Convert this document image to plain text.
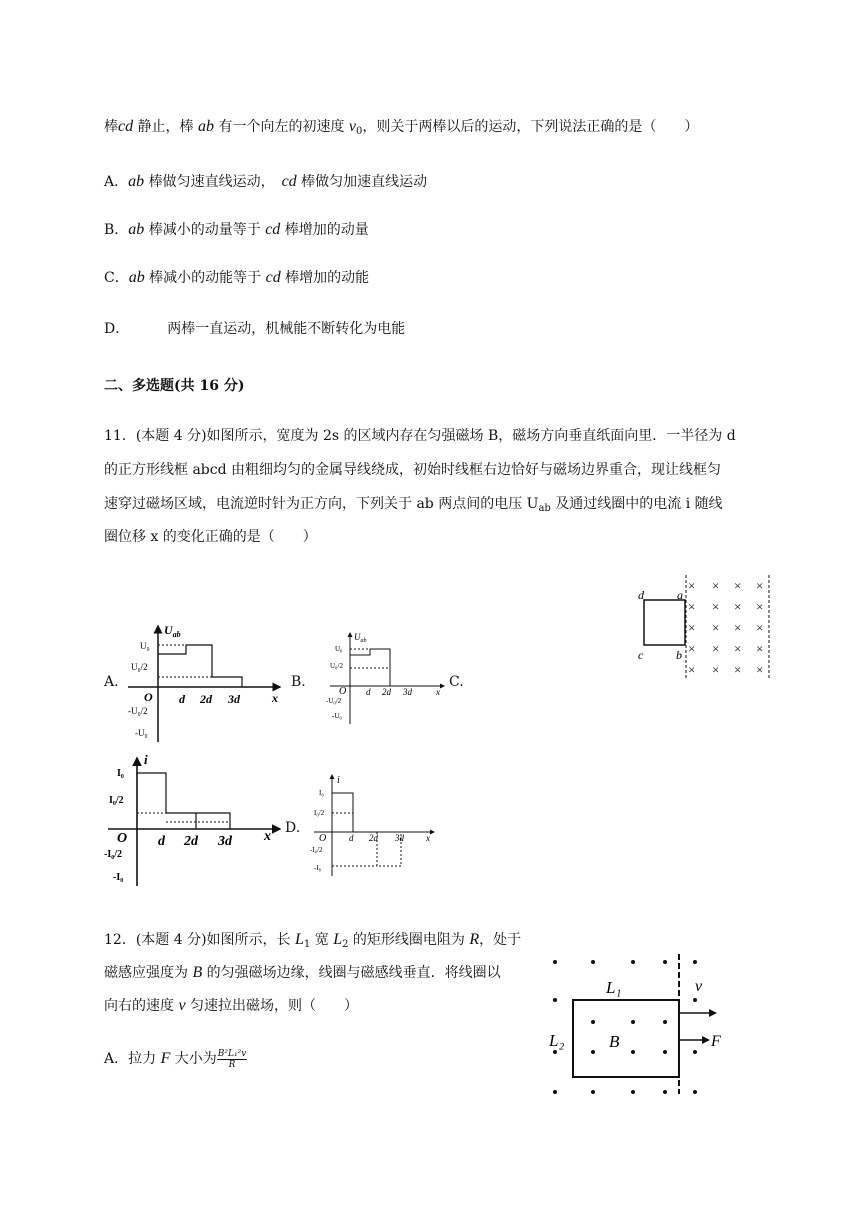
棒cd 静止，棒 ab 有一个向左的初速度 $v_0$，则关于两棒以后的运动，下列说法正确的是（　　）
A．ab 棒做匀速直线运动，　cd 棒做匀加速直线运动
B．ab 棒减小的动量等于 cd 棒增加的动量
C．ab 棒减小的动能等于 cd 棒增加的动能
D．	两棒一直运动，机械能不断转化为电能
二、多选题(共 16 分)
11．(本题 4 分)如图所示，宽度为 2s 的区域内存在匀强磁场 B，磁场方向垂直纸面向里．一半径为 d
的正方形线框 abcd 由粗细均匀的金属导线绕成，初始时线框右边恰好与磁场边界重合，现让线框匀
速穿过磁场区域，电流逆时针为正方向，下列关于 ab 两点间的电压 $U_{ab}$ 及通过线圈中的电流 i 随线
圈位移 x 的变化正确的是（　　）
d	a
c	b
× × × ×
× × × ×
× × × ×
× × × ×
× × × ×
A.	B.	C.
D.
$U_{ab}$
U₀
U₀/2
-U₀/2
-U₀
O d 2d 3d	x
$U_{ab}$
U₀
U₀/2
-U₀/2
-U₀
O d 2d 3d	x
i
I₀
I₀/2
-I₀/2
-I₀
O d 2d 3d x
i
I₀
I₀/2
-I₀/2
-I₀
O	d 2d 3d x
12．(本题 4 分)如图所示，长 $L_1$ 宽 $L_2$ 的矩形线圈电阻为 R，处于
磁感应强度为 B 的匀强磁场边缘，线圈与磁感线垂直．将线圈以
向右的速度 v 匀速拉出磁场，则（　　）
A．拉力 F 大小为 $\frac{\text{B²L₁²v}}{R}$
L₁
L₂	B
v
F
